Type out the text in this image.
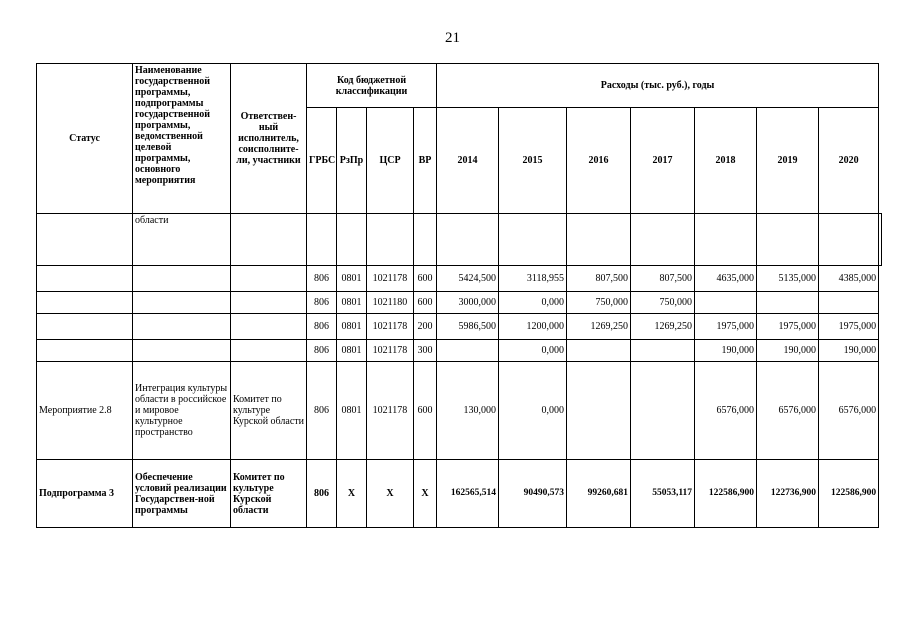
21
Статус	Наименование государственной программы, подпрограммы государственной программы, ведомственной целевой программы, основного мероприятия	Ответствен-ный исполнитель, соисполните-ли, участники	Код бюджетной классификации				Расходы (тыс. руб.), годы							
			ГРБС	РзПр	ЦСР	ВР	2014	2015	2016	2017	2018	2019	2020	
	области													
			806	0801	1021178	600	5424,500	3118,955	807,500	807,500	4635,000	5135,000	4385,000	
			806	0801	1021180	600	3000,000	0,000	750,000	750,000				
			806	0801	1021178	200	5986,500	1200,000	1269,250	1269,250	1975,000	1975,000	1975,000	
			806	0801	1021178	300		0,000			190,000	190,000	190,000	
Мероприятие 2.8	Интеграция культуры области в российское и мировое культурное пространство	Комитет по культуре Курской области	806	0801	1021178	600	130,000	0,000			6576,000	6576,000	6576,000	
Подпрограмма 3	Обеспечение условий реализации Государствен-ной программы	Комитет по культуре Курской области	806	X	X	X	162565,514	90490,573	99260,681	55053,117	122586,900	122736,900	122586,900	
